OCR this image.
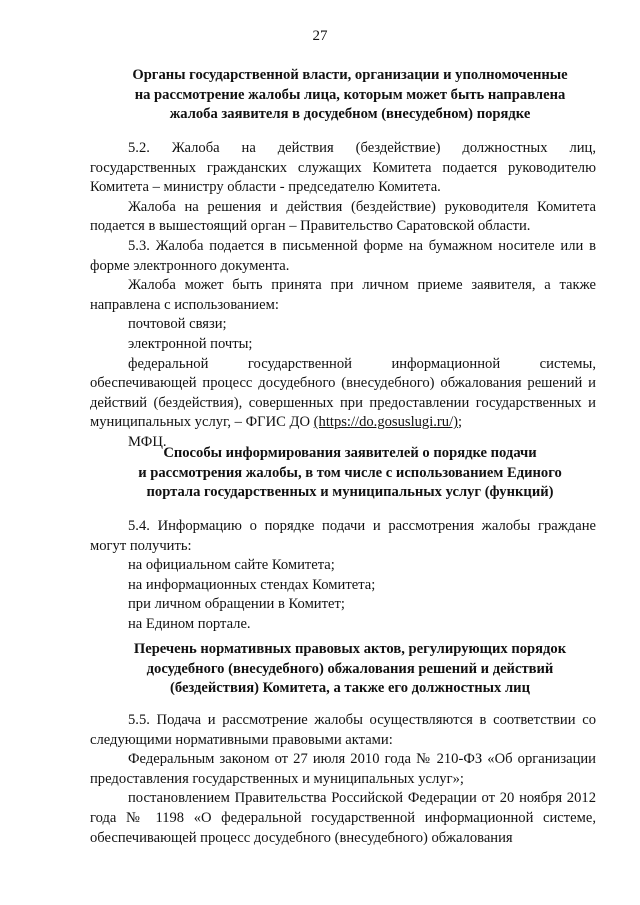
27
Органы государственной власти, организации и уполномоченные
на рассмотрение жалобы лица, которым может быть направлена
жалоба заявителя в досудебном (внесудебном) порядке

5.2. Жалоба на действия (бездействие) должностных лиц, государственных гражданских служащих Комитета подается руководителю Комитета – министру области - председателю Комитета.

Жалоба на решения и действия (бездействие) руководителя Комитета подается в вышестоящий орган – Правительство Саратовской области.

5.3. Жалоба подается в письменной форме на бумажном носителе или в форме электронного документа.

Жалоба может быть принята при личном приеме заявителя, а также направлена с использованием:

почтовой связи;

электронной почты;

федеральной государственной информационной системы, обеспечивающей процесс досудебного (внесудебного) обжалования решений и действий (бездействия), совершенных при предоставлении государственных и муниципальных услуг, – ФГИС ДО (https://do.gosuslugi.ru/);

МФЦ.

Способы информирования заявителей о порядке подачи
и рассмотрения жалобы, в том числе с использованием Единого
портала государственных и муниципальных услуг (функций)

5.4. Информацию о порядке подачи и рассмотрения жалобы граждане могут получить:

на официальном сайте Комитета;

на информационных стендах Комитета;

при личном обращении в Комитет;

на Едином портале.

Перечень нормативных правовых актов, регулирующих порядок
досудебного (внесудебного) обжалования решений и действий
(бездействия) Комитета, а также его должностных лиц

5.5. Подача и рассмотрение жалобы осуществляются в соответствии со следующими нормативными правовыми актами:

Федеральным законом от 27 июля 2010 года № 210-ФЗ «Об организации предоставления государственных и муниципальных услуг»;

постановлением Правительства Российской Федерации от 20 ноября 2012 года № 1198 «О федеральной государственной информационной системе, обеспечивающей процесс досудебного (внесудебного) обжалования
